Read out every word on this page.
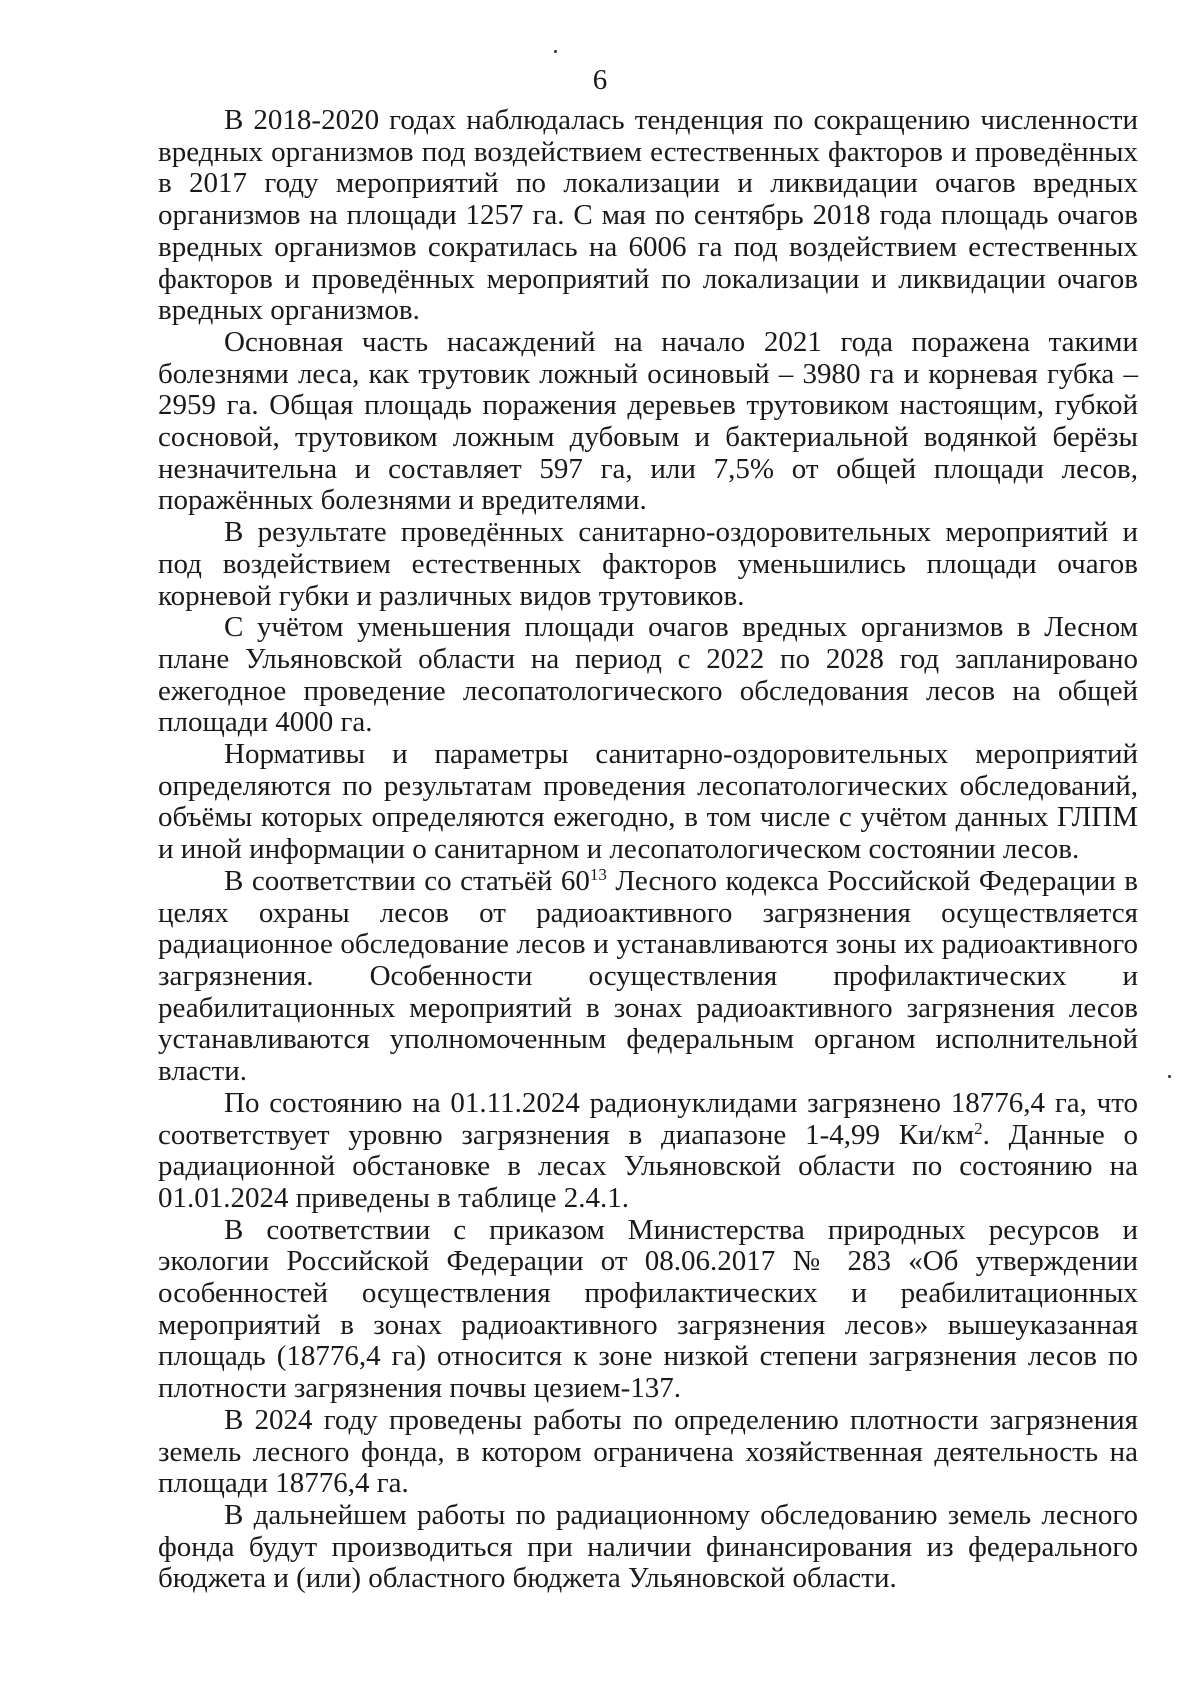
6

В 2018-2020 годах наблюдалась тенденция по сокращению численности вредных организмов под воздействием естественных факторов и проведённых в 2017 году мероприятий по локализации и ликвидации очагов вредных организмов на площади 1257 га. С мая по сентябрь 2018 года площадь очагов вредных организмов сократилась на 6006 га под воздействием естественных факторов и проведённых мероприятий по локализации и ликвидации очагов вредных организмов.

Основная часть насаждений на начало 2021 года поражена такими болезнями леса, как трутовик ложный осиновый – 3980 га и корневая губка – 2959 га. Общая площадь поражения деревьев трутовиком настоящим, губкой сосновой, трутовиком ложным дубовым и бактериальной водянкой берёзы незначительна и составляет 597 га, или 7,5% от общей площади лесов, поражённых болезнями и вредителями.

В результате проведённых санитарно-оздоровительных мероприятий и под воздействием естественных факторов уменьшились площади очагов корневой губки и различных видов трутовиков.

С учётом уменьшения площади очагов вредных организмов в Лесном плане Ульяновской области на период с 2022 по 2028 год запланировано ежегодное проведение лесопатологического обследования лесов на общей площади 4000 га.

Нормативы и параметры санитарно-оздоровительных мероприятий определяются по результатам проведения лесопатологических обследований, объёмы которых определяются ежегодно, в том числе с учётом данных ГЛПМ и иной информации о санитарном и лесопатологическом состоянии лесов.

В соответствии со статьёй $60^{13}$ Лесного кодекса Российской Федерации в целях охраны лесов от радиоактивного загрязнения осуществляется радиационное обследование лесов и устанавливаются зоны их радиоактивного загрязнения. Особенности осуществления профилактических и реабилитационных мероприятий в зонах радиоактивного загрязнения лесов устанавливаются уполномоченным федеральным органом исполнительной власти.

По состоянию на 01.11.2024 радионуклидами загрязнено 18776,4 га, что соответствует уровню загрязнения в диапазоне 1-4,99 $Ки/км^2$. Данные о радиационной обстановке в лесах Ульяновской области по состоянию на 01.01.2024 приведены в таблице 2.4.1.

В соответствии с приказом Министерства природных ресурсов и экологии Российской Федерации от 08.06.2017 № 283 «Об утверждении особенностей осуществления профилактических и реабилитационных мероприятий в зонах радиоактивного загрязнения лесов» вышеуказанная площадь (18776,4 га) относится к зоне низкой степени загрязнения лесов по плотности загрязнения почвы цезием-137.

В 2024 году проведены работы по определению плотности загрязнения земель лесного фонда, в котором ограничена хозяйственная деятельность на площади 18776,4 га.

В дальнейшем работы по радиационному обследованию земель лесного фонда будут производиться при наличии финансирования из федерального бюджета и (или) областного бюджета Ульяновской области.
